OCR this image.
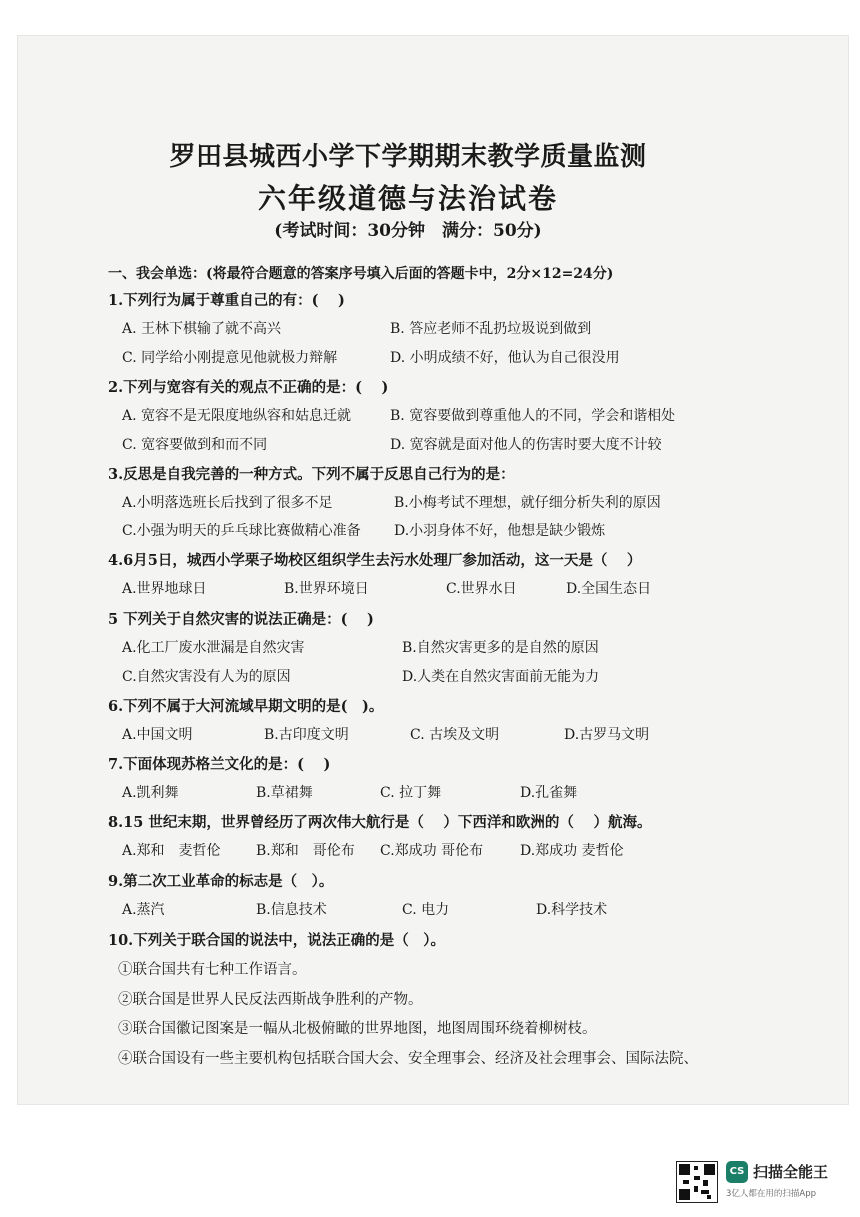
罗田县城西小学下学期期末教学质量监测
六年级道德与法治试卷
(考试时间：30分钟　满分：50分)
一、我会单选：(将最符合题意的答案序号填入后面的答题卡中，2分×12=24分)
1.下列行为属于尊重自己的有：(　 )
A. 王林下棋输了就不高兴	B. 答应老师不乱扔垃圾说到做到
C. 同学给小刚提意见他就极力辩解	D. 小明成绩不好，他认为自己很没用
2.下列与宽容有关的观点不正确的是：(　 )
A. 宽容不是无限度地纵容和姑息迁就	B. 宽容要做到尊重他人的不同，学会和谐相处
C. 宽容要做到和而不同	D. 宽容就是面对他人的伤害时要大度不计较
3.反思是自我完善的一种方式。下列不属于反思自己行为的是：
A.小明落选班长后找到了很多不足	B.小梅考试不理想，就仔细分析失利的原因
C.小强为明天的乒乓球比赛做精心准备 D.小羽身体不好，他想是缺少锻炼
4.6月5日，城西小学栗子坳校区组织学生去污水处理厂参加活动，这一天是（　 ）
A.世界地球日	B.世界环境日	C.世界水日	D.全国生态日
5 下列关于自然灾害的说法正确是：(　 )
A.化工厂废水泄漏是自然灾害	B.自然灾害更多的是自然的原因
C.自然灾害没有人为的原因	D.人类在自然灾害面前无能为力
6.下列不属于大河流域早期文明的是(　)。
A.中国文明	B.古印度文明	C. 古埃及文明	D.古罗马文明
7.下面体现苏格兰文化的是：(　 )
A.凯利舞	B.草裙舞	C. 拉丁舞	D.孔雀舞
8.15 世纪末期，世界曾经历了两次伟大航行是（　 ）下西洋和欧洲的（　 ）航海。
A.郑和　麦哲伦	B.郑和　哥伦布 C.郑成功 哥伦布	D.郑成功 麦哲伦
9.第二次工业革命的标志是（　）。
A.蒸汽	B.信息技术	C. 电力	D.科学技术
10.下列关于联合国的说法中，说法正确的是（　）。
①联合国共有七种工作语言。
②联合国是世界人民反法西斯战争胜利的产物。
③联合国徽记图案是一幅从北极俯瞰的世界地图，地图周围环绕着柳树枝。
④联合国设有一些主要机构包括联合国大会、安全理事会、经济及社会理事会、国际法院、
CS 扫描全能王
3亿人都在用的扫描App
